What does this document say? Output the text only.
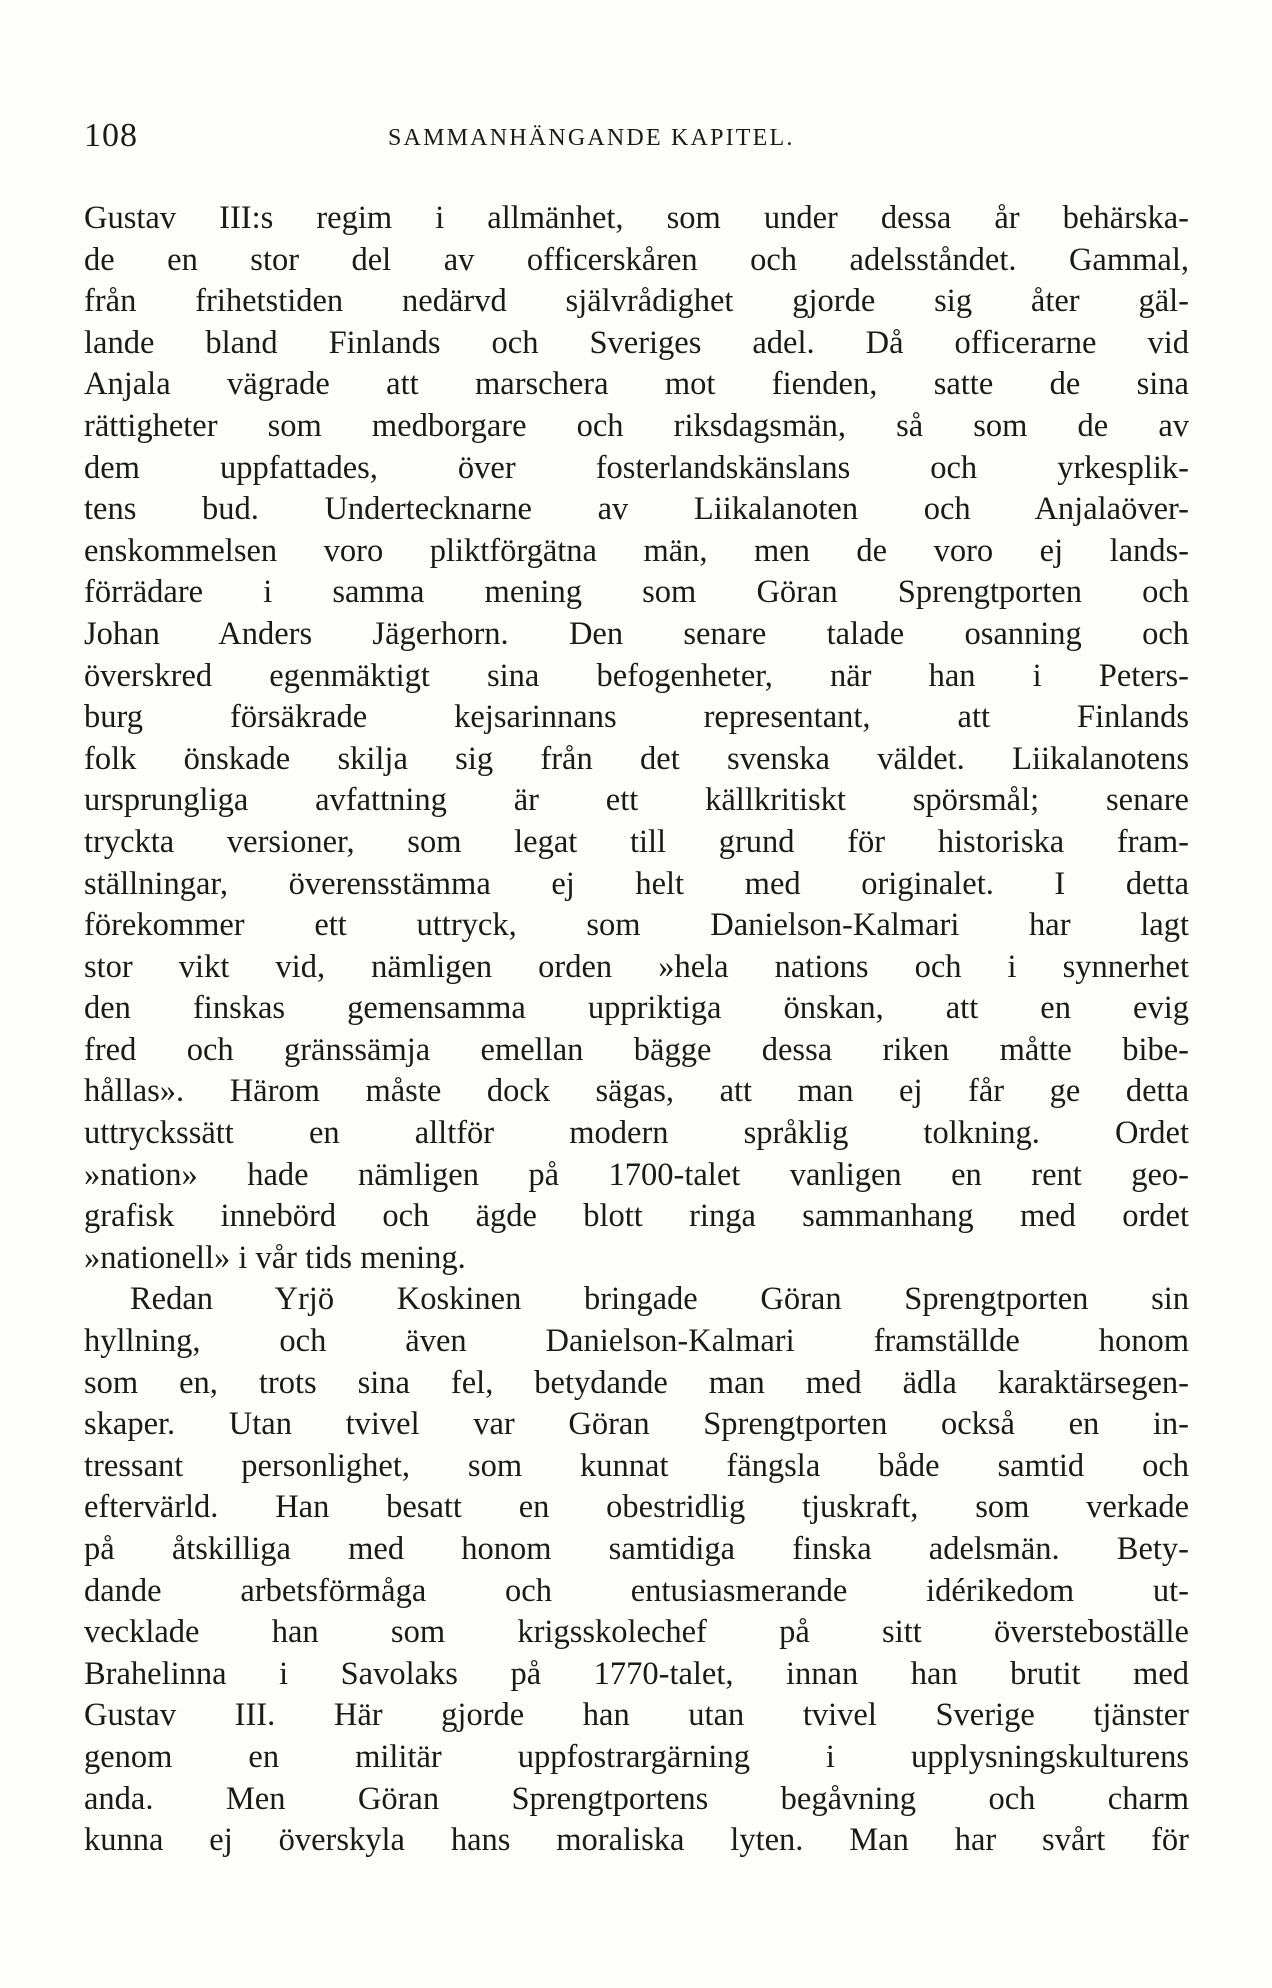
108	SAMMANHÄNGANDE KAPITEL.
Gustav III:s regim i allmänhet, som under dessa år behärska-
de en stor del av officerskåren och adelsståndet. Gammal,
från frihetstiden nedärvd självrådighet gjorde sig åter gäl-
lande bland Finlands och Sveriges adel. Då officerarne vid
Anjala vägrade att marschera mot fienden, satte de sina
rättigheter som medborgare och riksdagsmän, så som de av
dem uppfattades, över fosterlandskänslans och yrkesplik-
tens bud. Undertecknarne av Liikalanoten och Anjalaöver-
enskommelsen voro pliktförgätna män, men de voro ej lands-
förrädare i samma mening som Göran Sprengtporten och
Johan Anders Jägerhorn. Den senare talade osanning och
överskred egenmäktigt sina befogenheter, när han i Peters-
burg försäkrade kejsarinnans representant, att Finlands
folk önskade skilja sig från det svenska väldet. Liikalanotens
ursprungliga avfattning är ett källkritiskt spörsmål; senare
tryckta versioner, som legat till grund för historiska fram-
ställningar, överensstämma ej helt med originalet. I detta
förekommer ett uttryck, som Danielson-Kalmari har lagt
stor vikt vid, nämligen orden »hela nations och i synnerhet
den finskas gemensamma uppriktiga önskan, att en evig
fred och gränssämja emellan bägge dessa riken måtte bibe-
hållas». Härom måste dock sägas, att man ej får ge detta
uttryckssätt en alltför modern språklig tolkning. Ordet
»nation» hade nämligen på 1700-talet vanligen en rent geo-
grafisk innebörd och ägde blott ringa sammanhang med ordet
»nationell» i vår tids mening.
Redan Yrjö Koskinen bringade Göran Sprengtporten sin
hyllning, och även Danielson-Kalmari framställde honom
som en, trots sina fel, betydande man med ädla karaktärsegen-
skaper. Utan tvivel var Göran Sprengtporten också en in-
tressant personlighet, som kunnat fängsla både samtid och
eftervärld. Han besatt en obestridlig tjuskraft, som verkade
på åtskilliga med honom samtidiga finska adelsmän. Bety-
dande arbetsförmåga och entusiasmerande idérikedom ut-
vecklade han som krigsskolechef på sitt översteboställe
Brahelinna i Savolaks på 1770-talet, innan han brutit med
Gustav III. Här gjorde han utan tvivel Sverige tjänster
genom en militär uppfostrargärning i upplysningskulturens
anda. Men Göran Sprengtportens begåvning och charm
kunna ej överskyla hans moraliska lyten. Man har svårt för
